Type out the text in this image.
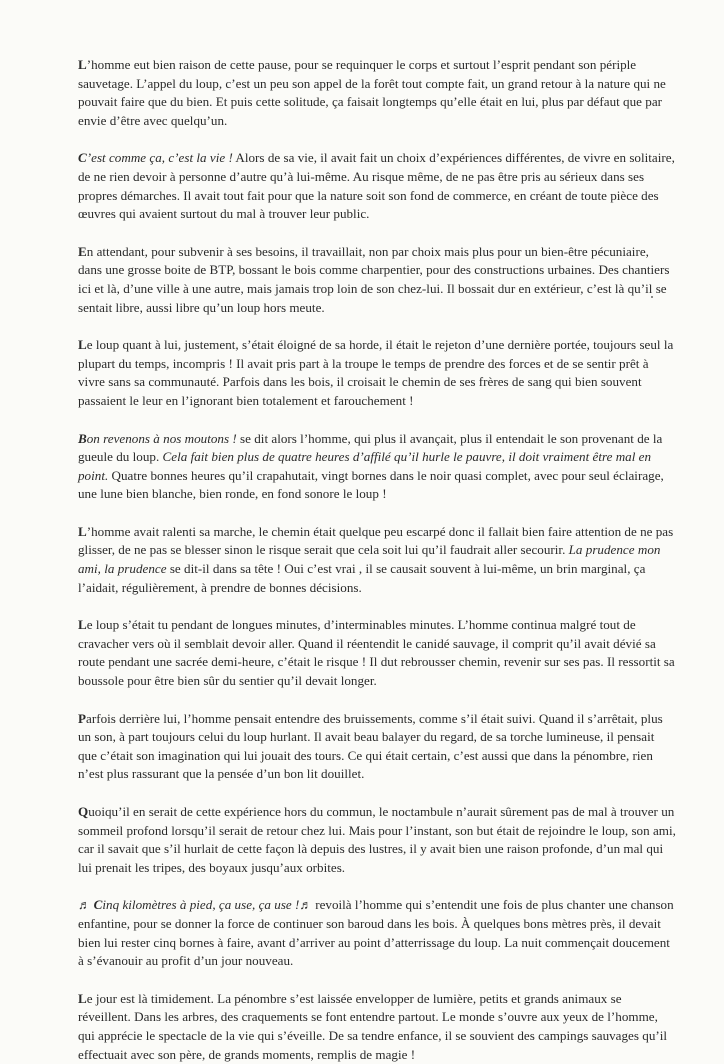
L’homme eut bien raison de cette pause, pour se requinquer le corps et surtout l’esprit pendant son périple sauvetage. L’appel du loup, c’est un peu son appel de la forêt tout compte fait, un grand retour à la nature qui ne pouvait faire que du bien. Et puis cette solitude, ça faisait longtemps qu’elle était en lui, plus par défaut que par envie d’être avec quelqu’un.

C’est comme ça, c’est la vie ! Alors de sa vie, il avait fait un choix d’expériences différentes, de vivre en solitaire, de ne rien devoir à personne d’autre qu’à lui-même. Au risque même, de ne pas être pris au sérieux dans ses propres démarches. Il avait tout fait pour que la nature soit son fond de commerce, en créant de toute pièce des œuvres qui avaient surtout du mal à trouver leur public.

En attendant, pour subvenir à ses besoins, il travaillait, non par choix mais plus pour un bien-être pécuniaire, dans une grosse boite de BTP, bossant le bois comme charpentier, pour des constructions urbaines. Des chantiers ici et là, d’une ville à une autre, mais jamais trop loin de son chez-lui. Il bossait dur en extérieur, c’est là qu’il se sentait libre, aussi libre qu’un loup hors meute.

Le loup quant à lui, justement, s’était éloigné de sa horde, il était le rejeton d’une dernière portée, toujours seul la plupart du temps, incompris ! Il avait pris part à la troupe le temps de prendre des forces et de se sentir prêt à vivre sans sa communauté. Parfois dans les bois, il croisait le chemin de ses frères de sang qui bien souvent passaient le leur en l’ignorant bien totalement et farouchement !

Bon revenons à nos moutons ! se dit alors l’homme, qui plus il avançait, plus il entendait le son provenant de la gueule du loup. Cela fait bien plus de quatre heures d’affilé qu’il hurle le pauvre, il doit vraiment être mal en point. Quatre bonnes heures qu’il crapahutait, vingt bornes dans le noir quasi complet, avec pour seul éclairage, une lune bien blanche, bien ronde, en fond sonore le loup !

L’homme avait ralenti sa marche, le chemin était quelque peu escarpé donc il fallait bien faire attention de ne pas glisser, de ne pas se blesser sinon le risque serait que cela soit lui qu’il faudrait aller secourir. La prudence mon ami, la prudence se dit-il dans sa tête ! Oui c’est vrai , il se causait souvent à lui-même, un brin marginal, ça l’aidait, régulièrement, à prendre de bonnes décisions.

Le loup s’était tu pendant de longues minutes, d’interminables minutes. L’homme continua malgré tout de cravacher vers où il semblait devoir aller. Quand il réentendit le canidé sauvage, il comprit qu’il avait dévié sa route pendant une sacrée demi-heure, c’était le risque ! Il dut rebrousser chemin, revenir sur ses pas. Il ressortit sa boussole pour être bien sûr du sentier qu’il devait longer.

Parfois derrière lui, l’homme pensait entendre des bruissements, comme s’il était suivi. Quand il s’arrêtait, plus un son, à part toujours celui du loup hurlant. Il avait beau balayer du regard, de sa torche lumineuse, il pensait que c’était son imagination qui lui jouait des tours. Ce qui était certain, c’est aussi que dans la pénombre, rien n’est plus rassurant que la pensée d’un bon lit douillet.

Quoiqu’il en serait de cette expérience hors du commun, le noctambule n’aurait sûrement pas de mal à trouver un sommeil profond lorsqu’il serait de retour chez lui. Mais pour l’instant, son but était de rejoindre le loup, son ami, car il savait que s’il hurlait de cette façon là depuis des lustres, il y avait bien une raison profonde, d’un mal qui lui prenait les tripes, des boyaux jusqu’aux orbites.

♬ Cinq kilomètres à pied, ça use, ça use !♬ revoilà l’homme qui s’entendit une fois de plus chanter une chanson enfantine, pour se donner la force de continuer son baroud dans les bois. À quelques bons mètres près, il devait bien lui rester cinq bornes à faire, avant d’arriver au point d’atterrissage du loup. La nuit commençait doucement à s’évanouir au profit d’un jour nouveau.

Le jour est là timidement. La pénombre s’est laissée envelopper de lumière, petits et grands animaux se réveillent. Dans les arbres, des craquements se font entendre partout. Le monde s’ouvre aux yeux de l’homme, qui apprécie le spectacle de la vie qui s’éveille. De sa tendre enfance, il se souvient des campings sauvages qu’il effectuait avec son père, de grands moments, remplis de magie !
